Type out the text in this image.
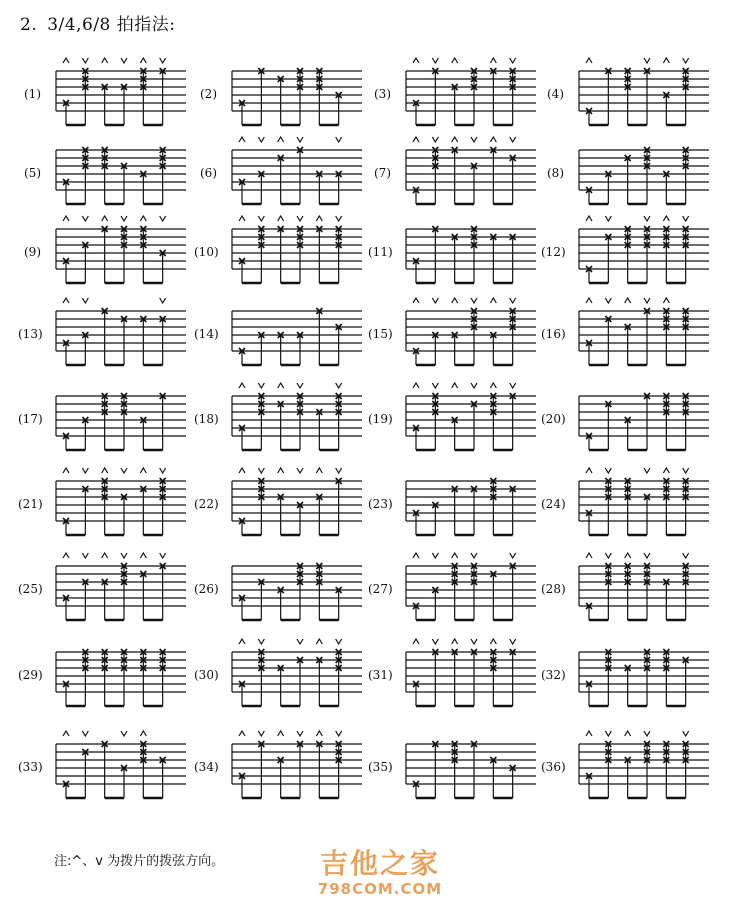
2. 3/4,6/8 拍指法:
(1)	(2)	(3)	(4)
(5)	(6)	(7)	(8)
(9)	(10)	(11)	(12)
(13)	(14)	(15)	(16)
(17)	(18)	(19)	(20)
(21)	(22)	(23)	(24)
(25)	(26)	(27)	(28)
(29)	(30)	(31)	(32)
(33)	(34)	(35)	(36)
注:^、v 为拨片的拨弦方向。	吉他之家
798COM.COM
